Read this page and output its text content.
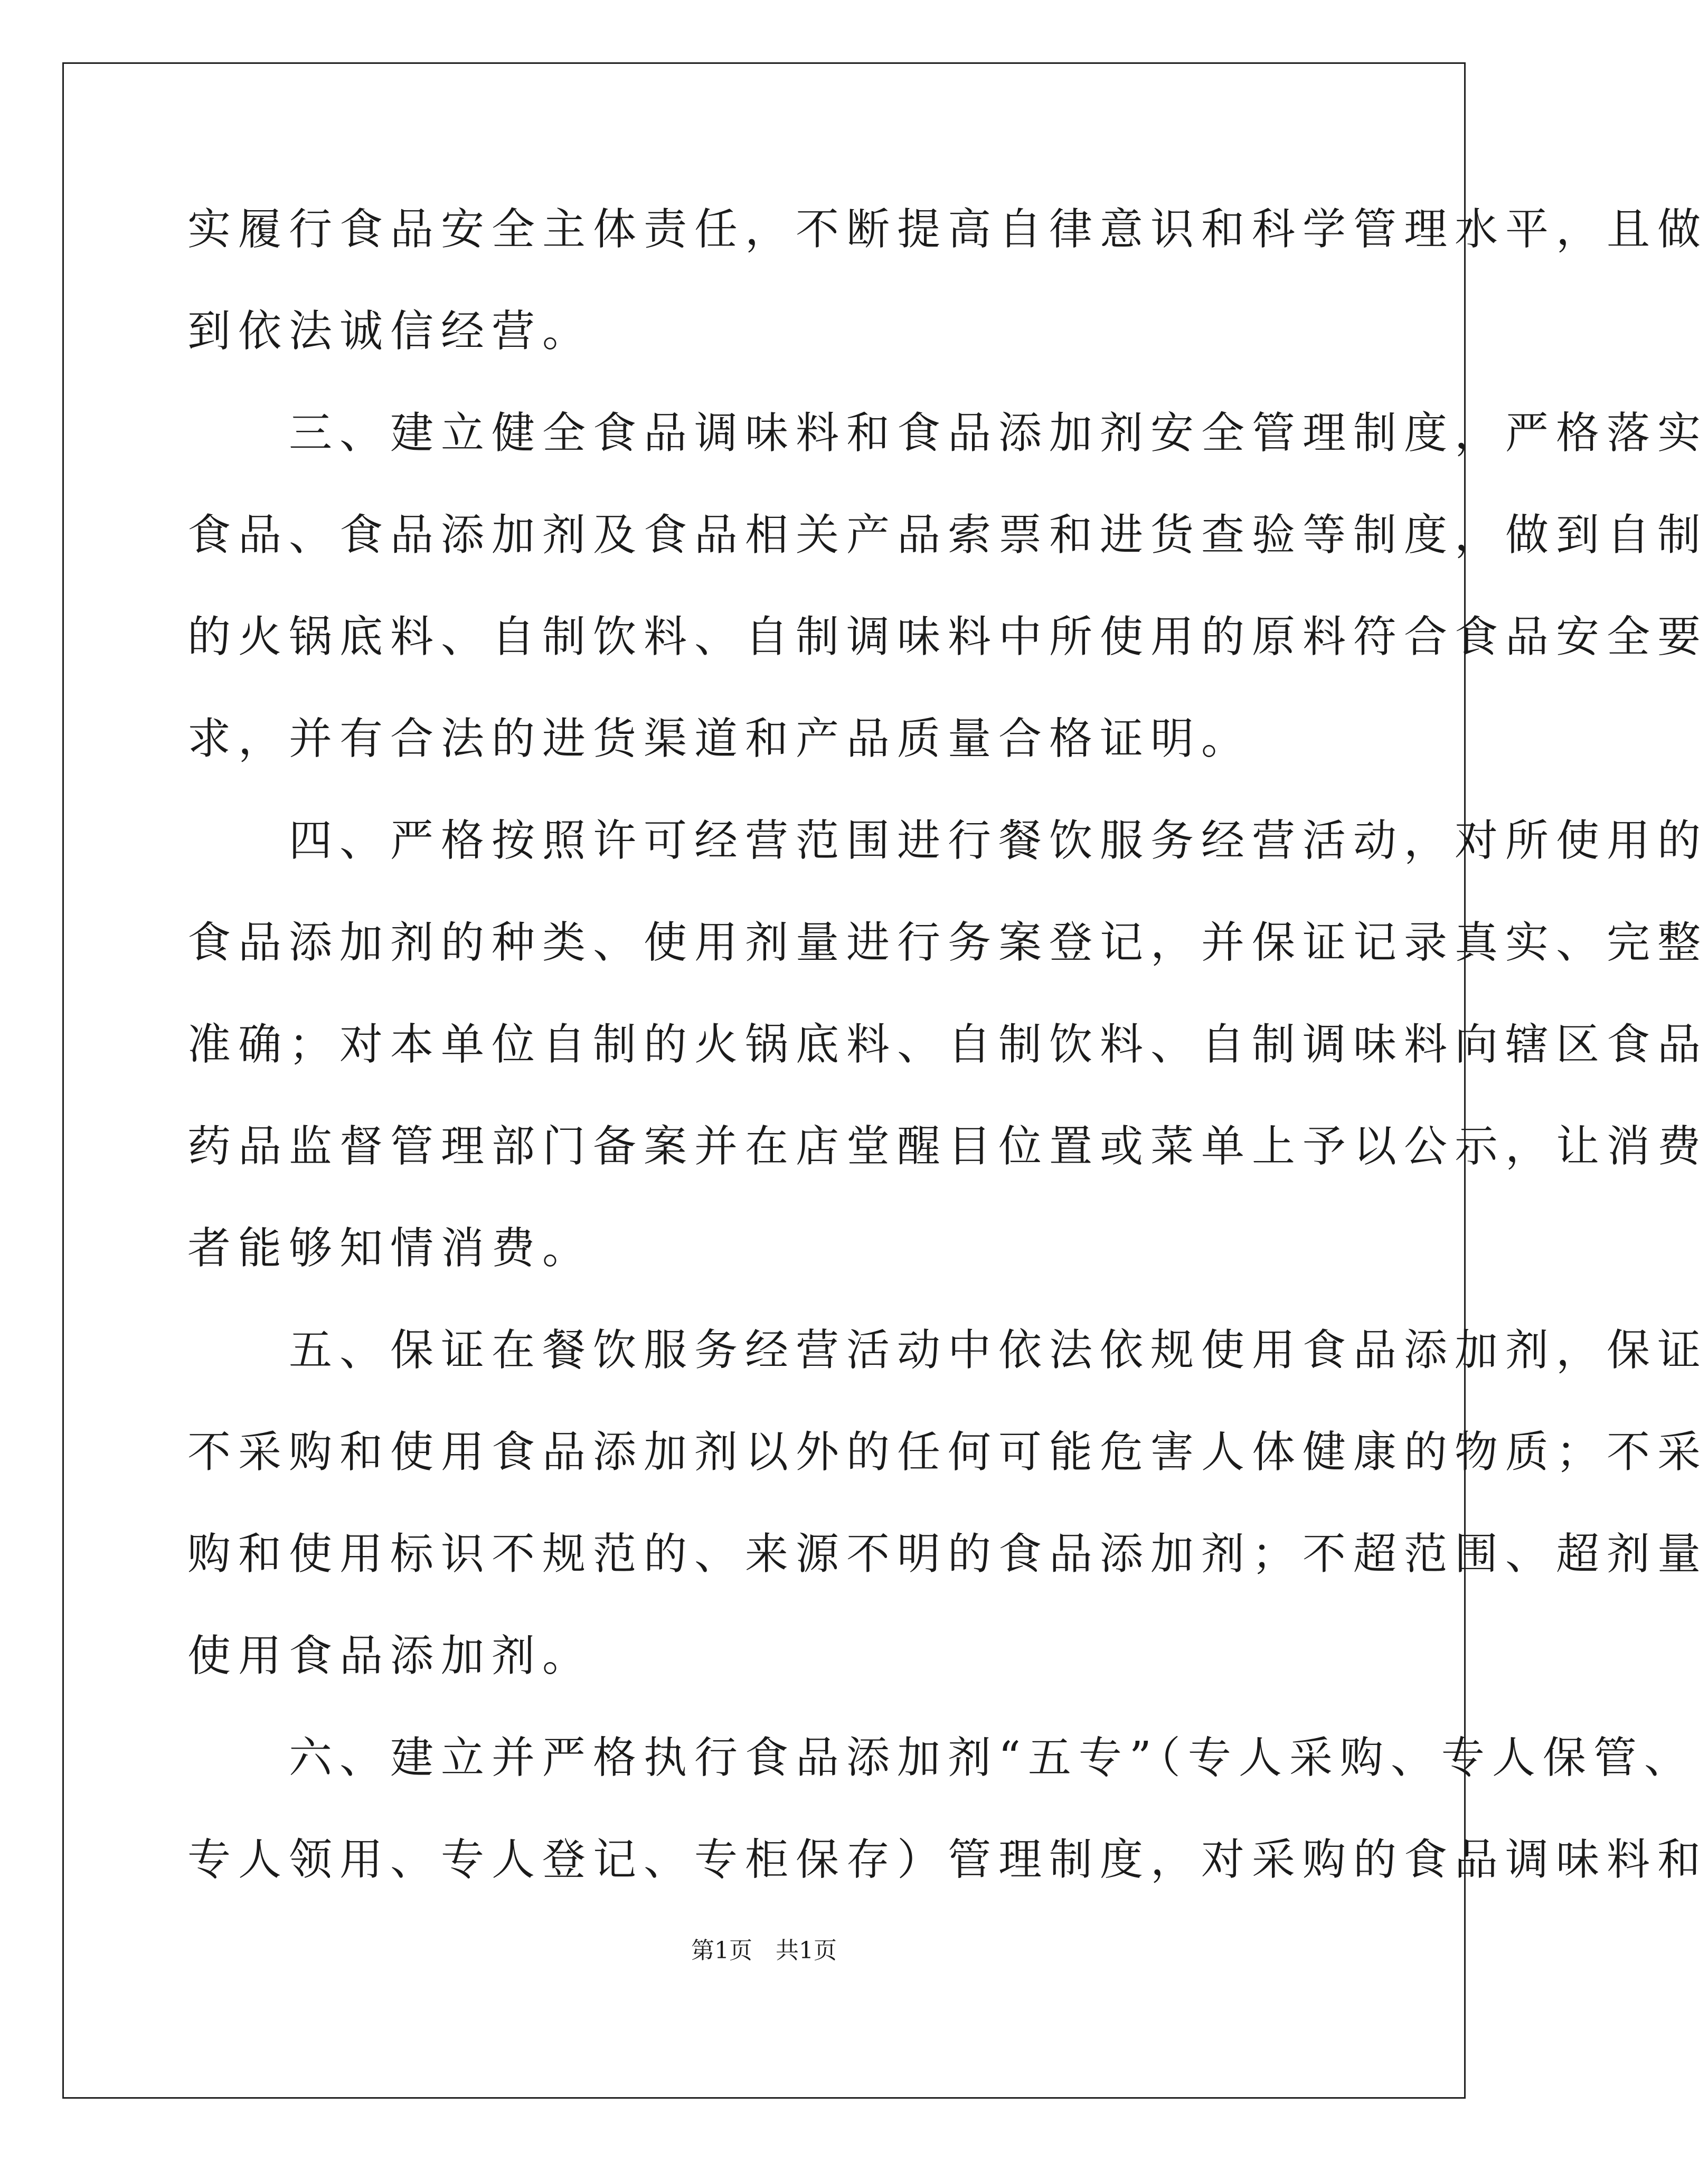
实履行食品安全主体责任，不断提高自律意识和科学管理水平，且做
到依法诚信经营。
　　三、建立健全食品调味料和食品添加剂安全管理制度，严格落实
食品、食品添加剂及食品相关产品索票和进货查验等制度，做到自制
的火锅底料、自制饮料、自制调味料中所使用的原料符合食品安全要
求，并有合法的进货渠道和产品质量合格证明。
　　四、严格按照许可经营范围进行餐饮服务经营活动，对所使用的
食品添加剂的种类、使用剂量进行务案登记，并保证记录真实、完整
准确；对本单位自制的火锅底料、自制饮料、自制调味料向辖区食品
药品监督管理部门备案并在店堂醒目位置或菜单上予以公示，让消费
者能够知情消费。
　　五、保证在餐饮服务经营活动中依法依规使用食品添加剂，保证
不采购和使用食品添加剂以外的任何可能危害人体健康的物质；不采
购和使用标识不规范的、来源不明的食品添加剂；不超范围、超剂量
使用食品添加剂。
　　六、建立并严格执行食品添加剂“五专”（专人采购、专人保管、
专人领用、专人登记、专柜保存）管理制度，对采购的食品调味料和
第1页　共1页
